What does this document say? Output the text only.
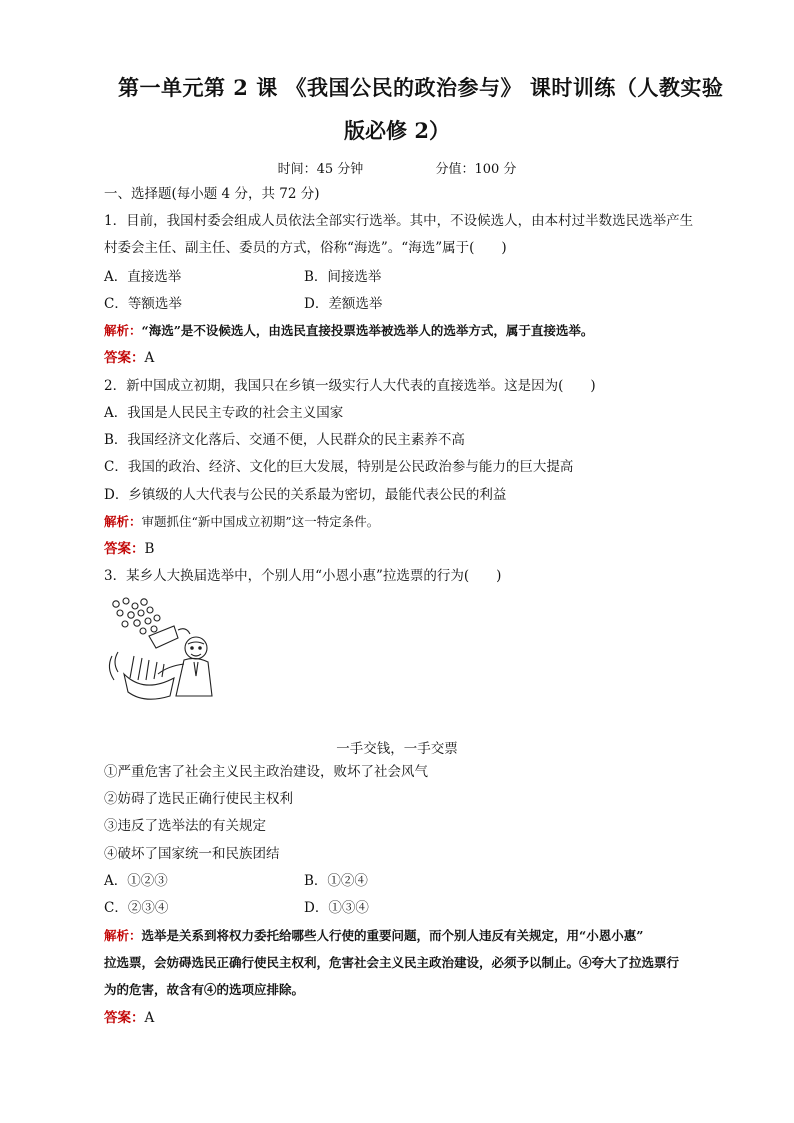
第一单元第 2 课 《我国公民的政治参与》 课时训练（人教实验
版必修 2）
时间：45 分钟	分值：100 分
一、选择题(每小题 4 分，共 72 分)
1．目前，我国村委会组成人员依法全部实行选举。其中，不设候选人，由本村过半数选民选举产生
村委会主任、副主任、委员的方式，俗称“海选”。“海选”属于(　　)
A．直接选举	B．间接选举
C．等额选举	D．差额选举
解析：“海选”是不设候选人，由选民直接投票选举被选举人的选举方式，属于直接选举。
答案：A
2．新中国成立初期，我国只在乡镇一级实行人大代表的直接选举。这是因为(　　)
A．我国是人民民主专政的社会主义国家
B．我国经济文化落后、交通不便，人民群众的民主素养不高
C．我国的政治、经济、文化的巨大发展，特别是公民政治参与能力的巨大提高
D．乡镇级的人大代表与公民的关系最为密切，最能代表公民的利益
解析：审题抓住“新中国成立初期”这一特定条件。
答案：B
3．某乡人大换届选举中，个别人用“小恩小惠”拉选票的行为(　　)
一手交钱，一手交票
①严重危害了社会主义民主政治建设，败坏了社会风气
②妨碍了选民正确行使民主权利
③违反了选举法的有关规定
④破坏了国家统一和民族团结
A．①②③	B．①②④
C．②③④	D．①③④
解析：选举是关系到将权力委托给哪些人行使的重要问题，而个别人违反有关规定，用“小恩小惠”
拉选票，会妨碍选民正确行使民主权利，危害社会主义民主政治建设，必须予以制止。④夸大了拉选票行
为的危害，故含有④的选项应排除。
答案：A
